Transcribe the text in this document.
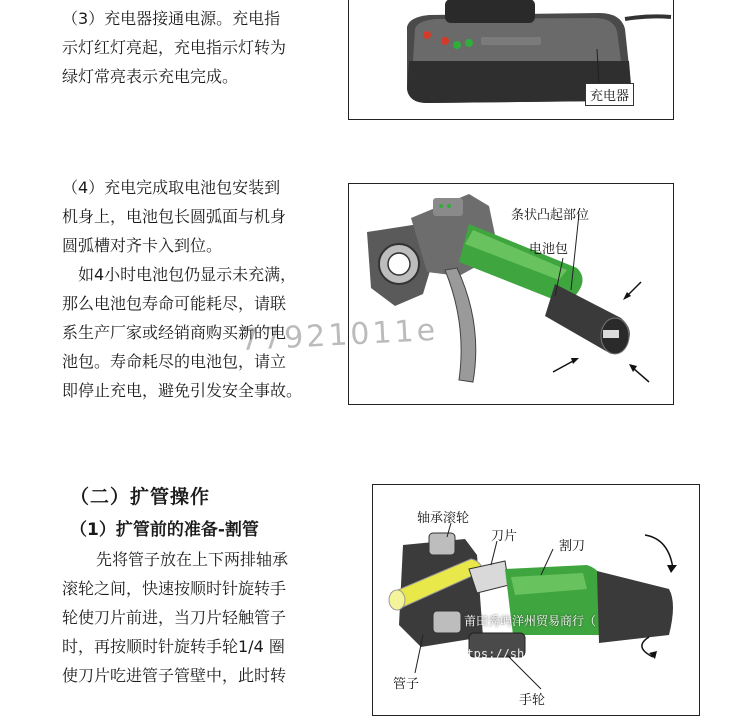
（3）充电器接通电源。充电指
示灯红灯亮起，充电指示灯转为
绿灯常亮表示充电完成。
充电器
（4）充电完成取电池包安装到
机身上，电池包长圆弧面与机身
圆弧槽对齐卡入到位。
如4小时电池包仍显示未充满，
那么电池包寿命可能耗尽，请联
系生产厂家或经销商购买新的电
池包。寿命耗尽的电池包，请立
即停止充电，避免引发安全事故。
条状凸起部位
电池包
（二）扩管操作
（1）扩管前的准备-割管
先将管子放在上下两排轴承
滚轮之间，快速按顺时针旋转手
轮使刀片前进，当刀片轻触管子
时，再按顺时针旋转手轮1/4 圈
使刀片吃进管子管壁中，此时转
轴承滚轮
刀片
割刀
管子
手轮
77921011e
莆田秀屿洋州贸易商行（
https://shop77d24t21o2
